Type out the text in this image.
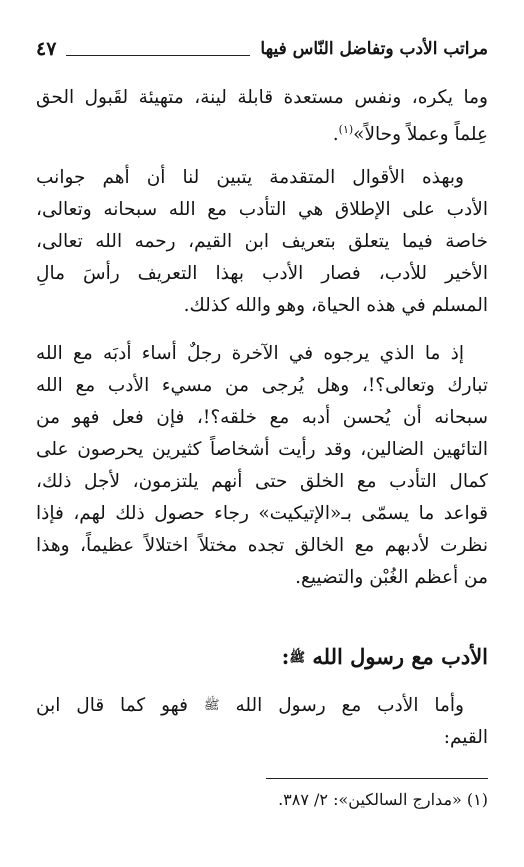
مراتب الأدب وتفاضل النّاس فيها
٤٧
وما يكره، ونفس مستعدة قابلة لينة، متهيئة لقَبول الحق
عِلماً وعملاً وحالاً»$^{(١)}$.
وبهذه الأقوال المتقدمة يتبين لنا أن أهم جوانب
الأدب على الإطلاق هي التأدب مع الله سبحانه وتعالى،
خاصة فيما يتعلق بتعريف ابن القيم، رحمه الله تعالى،
الأخير للأدب، فصار الأدب بهذا التعريف رأسَ مالِ
المسلم في هذه الحياة، وهو والله كذلك.
إذ ما الذي يرجوه في الآخرة رجلٌ أساء أدبَه مع الله
تبارك وتعالى؟!، وهل يُرجى من مسيء الأدب مع الله
سبحانه أن يُحسن أدبه مع خلقه؟!، فإن فعل فهو من
التائهين الضالين، وقد رأيت أشخاصاً كثيرين يحرصون على
كمال التأدب مع الخلق حتى أنهم يلتزمون، لأجل ذلك،
قواعد ما يسمّى بـ«الإتيكيت» رجاء حصول ذلك لهم، فإذا
نظرت لأدبهم مع الخالق تجده مختلاً اختلالاً عظيماً، وهذا
من أعظم الغُبْن والتضييع.
الأدب مع رسول الله ﷺ:
وأما الأدب مع رسول الله ﷺ فهو كما قال ابن
القيم:
(١) «مدارج السالكين»: ٢/ ٣٨٧.
